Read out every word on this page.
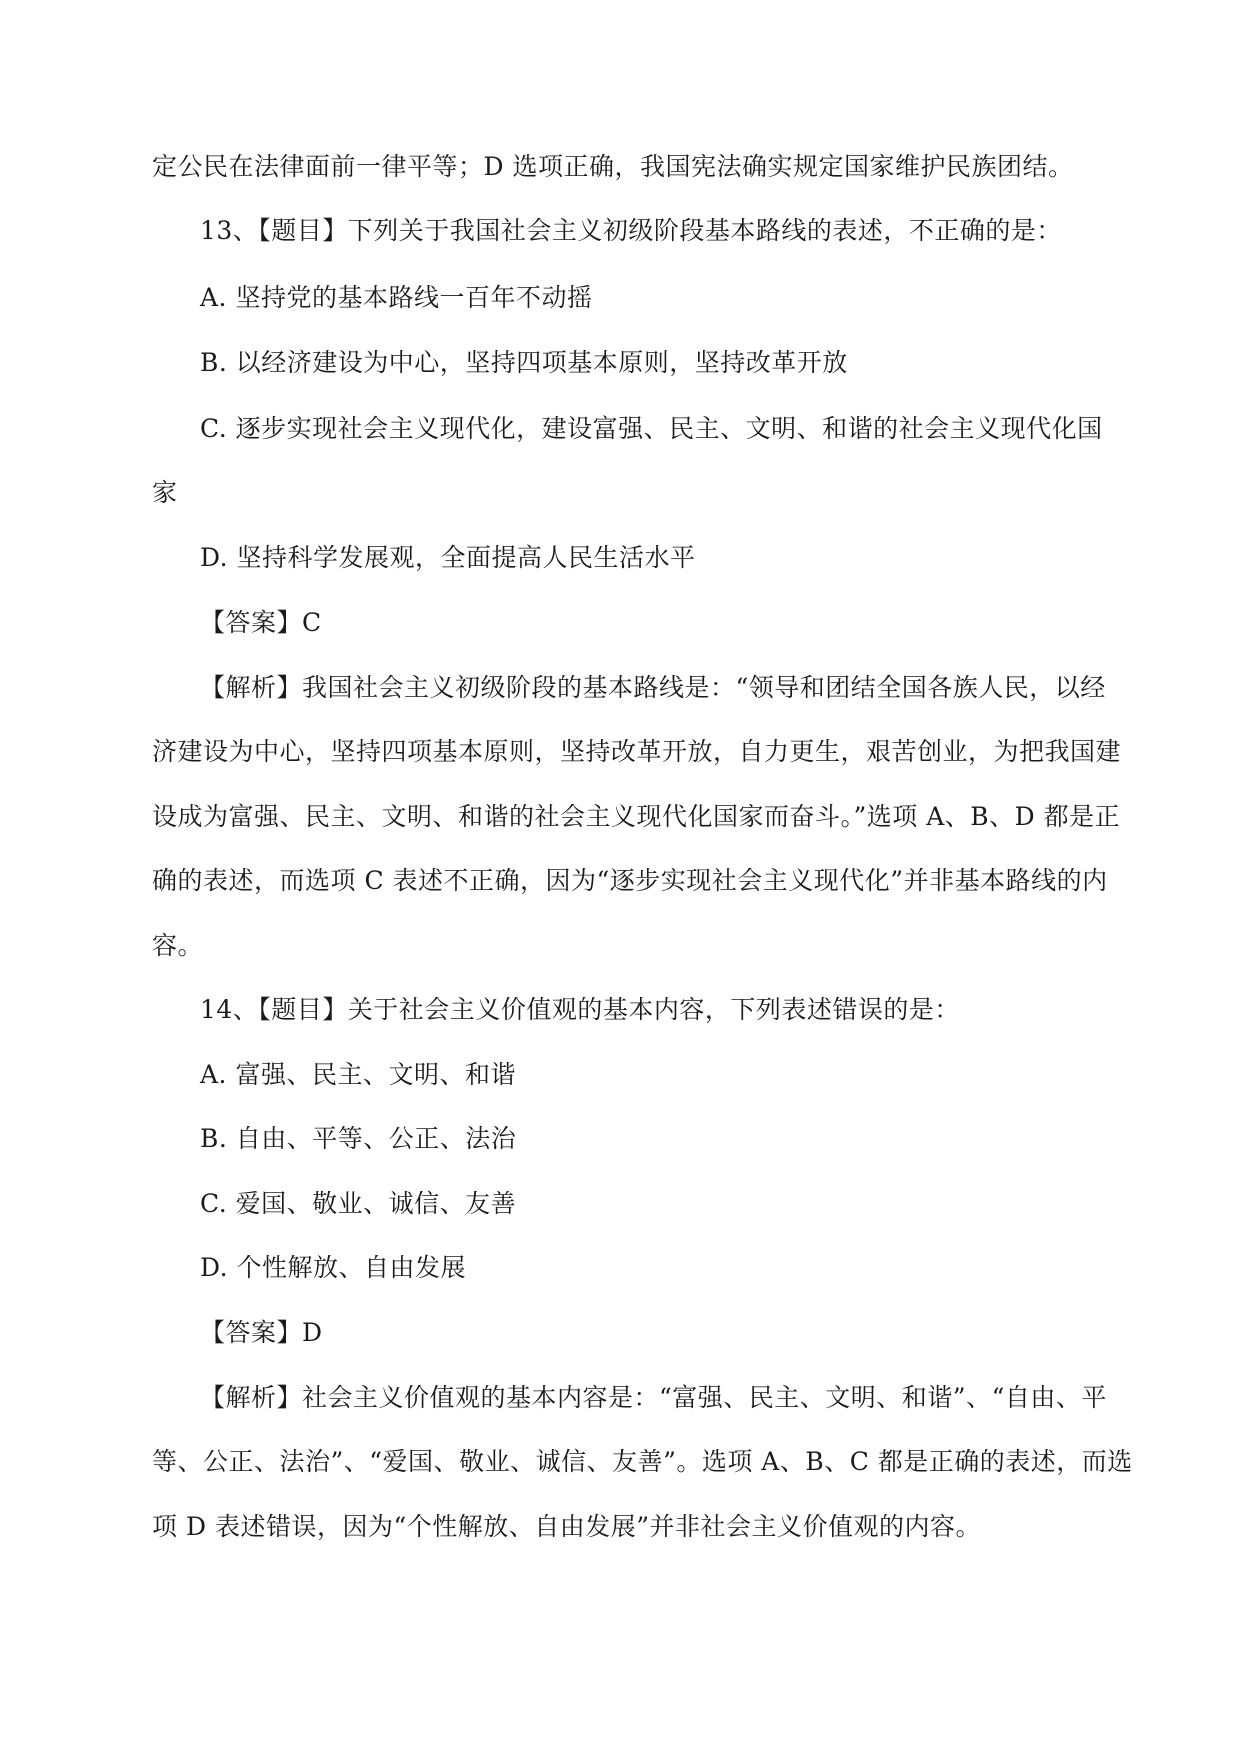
定公民在法律面前一律平等；D 选项正确，我国宪法确实规定国家维护民族团结。
13、【题目】下列关于我国社会主义初级阶段基本路线的表述，不正确的是：
A. 坚持党的基本路线一百年不动摇
B. 以经济建设为中心，坚持四项基本原则，坚持改革开放
C. 逐步实现社会主义现代化，建设富强、民主、文明、和谐的社会主义现代化国
家
D. 坚持科学发展观，全面提高人民生活水平
【答案】C
【解析】我国社会主义初级阶段的基本路线是：“领导和团结全国各族人民，以经
济建设为中心，坚持四项基本原则，坚持改革开放，自力更生，艰苦创业，为把我国建
设成为富强、民主、文明、和谐的社会主义现代化国家而奋斗。”选项 A、B、D 都是正
确的表述，而选项 C 表述不正确，因为“逐步实现社会主义现代化”并非基本路线的内
容。
14、【题目】关于社会主义价值观的基本内容，下列表述错误的是：
A. 富强、民主、文明、和谐
B. 自由、平等、公正、法治
C. 爱国、敬业、诚信、友善
D. 个性解放、自由发展
【答案】D
【解析】社会主义价值观的基本内容是：“富强、民主、文明、和谐”、“自由、平
等、公正、法治”、“爱国、敬业、诚信、友善”。选项 A、B、C 都是正确的表述，而选
项 D 表述错误，因为“个性解放、自由发展”并非社会主义价值观的内容。
